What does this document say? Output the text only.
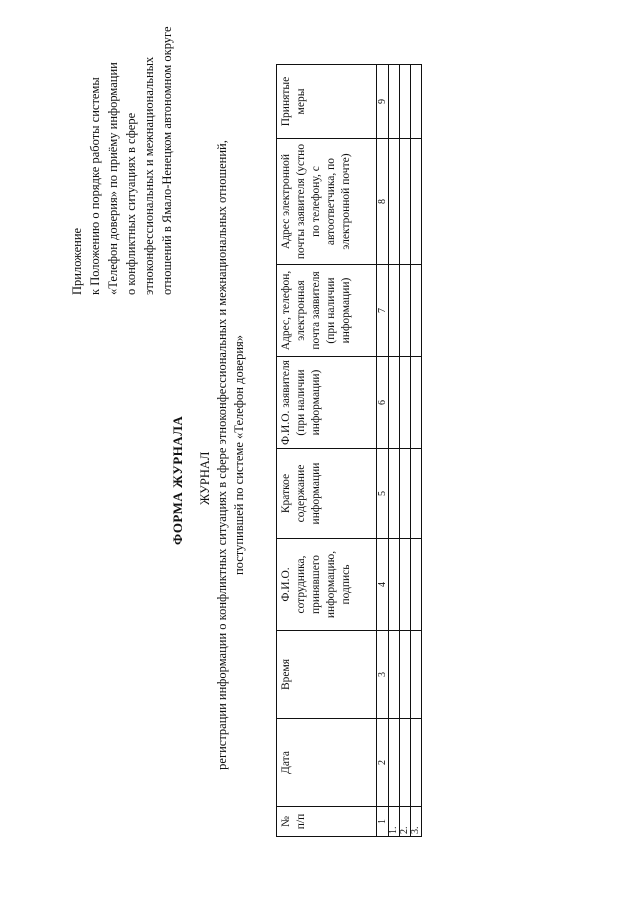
Приложение к Положению о порядке работы системы «Телефон доверия» по приёму информации о конфликтных ситуациях в сфере этноконфессиональных и межнациональных отношений в Ямало-Ненецком автономном округе
ФОРМА ЖУРНАЛА ЖУРНАЛ регистрации информации о конфликтных ситуациях в сфере этноконфессиональных и межнациональных отношений, поступившей по системе «Телефон доверия»
№ п/п	Дата	Время	Ф.И.О. сотрудника, принявшего информацию, подпись	Краткое содержание информации	Ф.И.О. заявителя (при наличии информации)	Адрес, телефон, электронная почта заявителя (при наличии информации)	Адрес электронной почты заявителя (устно по телефону, с автоответчика, по электронной почте)	Принятые меры
1	2	3	4	5	6	7	8	9
1.								
2.								
3.								
